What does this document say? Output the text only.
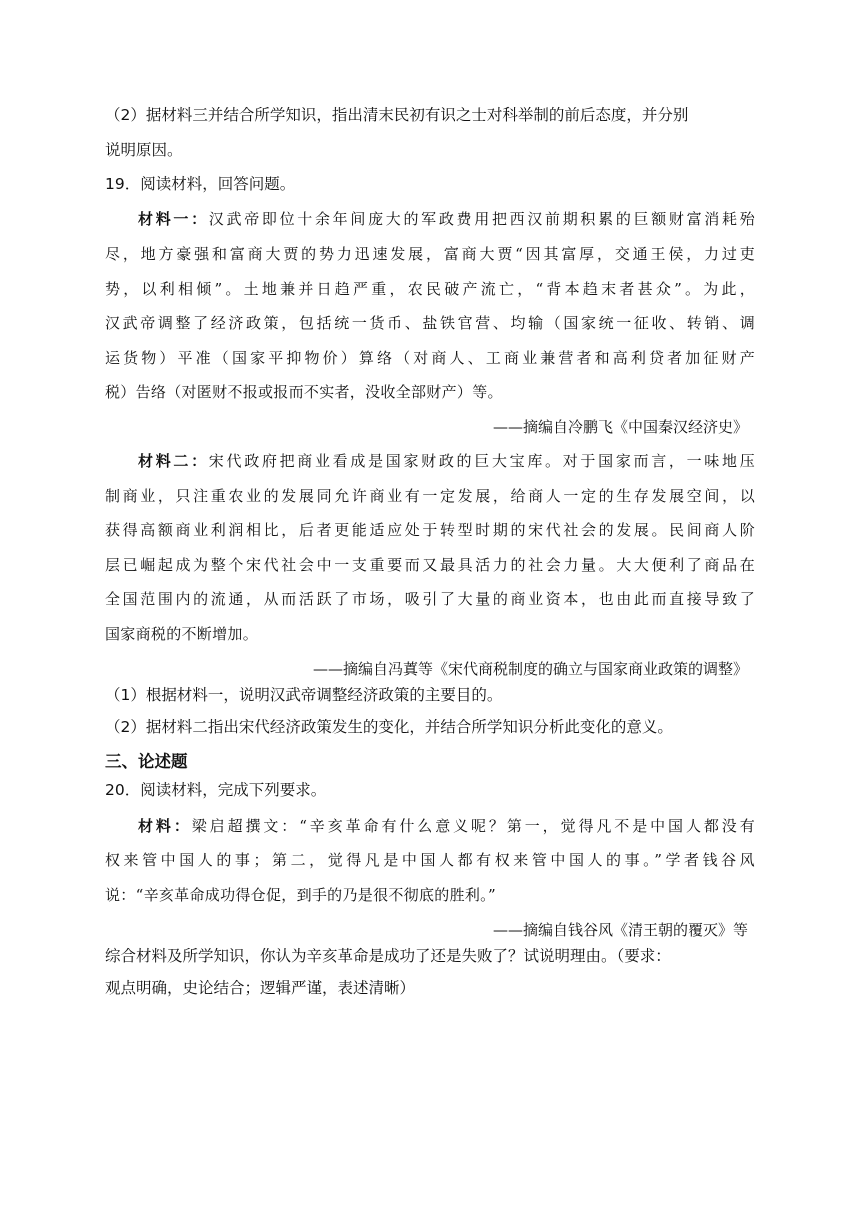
（2）据材料三并结合所学知识，指出清末民初有识之士对科举制的前后态度，并分别
说明原因。
19．阅读材料，回答问题。
材料一：汉武帝即位十余年间庞大的军政费用把西汉前期积累的巨额财富消耗殆
尽，地方豪强和富商大贾的势力迅速发展，富商大贾“因其富厚，交通王侯，力过吏
势，以利相倾”。土地兼并日趋严重，农民破产流亡，“背本趋末者甚众”。为此，
汉武帝调整了经济政策，包括统一货币、盐铁官营、均输（国家统一征收、转销、调
运货物）平准（国家平抑物价）算络（对商人、工商业兼营者和高利贷者加征财产
税）告络（对匿财不报或报而不实者，没收全部财产）等。
——摘编自冷鹏飞《中国秦汉经济史》
材料二：宋代政府把商业看成是国家财政的巨大宝库。对于国家而言，一味地压
制商业，只注重农业的发展同允许商业有一定发展，给商人一定的生存发展空间，以
获得高额商业利润相比，后者更能适应处于转型时期的宋代社会的发展。民间商人阶
层已崛起成为整个宋代社会中一支重要而又最具活力的社会力量。大大便利了商品在
全国范围内的流通，从而活跃了市场，吸引了大量的商业资本，也由此而直接导致了
国家商税的不断增加。
——摘编自冯蒖等《宋代商税制度的确立与国家商业政策的调整》
（1）根据材料一，说明汉武帝调整经济政策的主要目的。
（2）据材料二指出宋代经济政策发生的变化，并结合所学知识分析此变化的意义。
三、论述题
20．阅读材料，完成下列要求。
材料：梁启超撰文：“辛亥革命有什么意义呢？第一，觉得凡不是中国人都没有
权来管中国人的事；第二，觉得凡是中国人都有权来管中国人的事。”学者钱谷风
说：“辛亥革命成功得仓促，到手的乃是很不彻底的胜利。”
——摘编自钱谷风《清王朝的覆灭》等
综合材料及所学知识，你认为辛亥革命是成功了还是失败了？试说明理由。（要求：
观点明确，史论结合；逻辑严谨，表述清晰）
